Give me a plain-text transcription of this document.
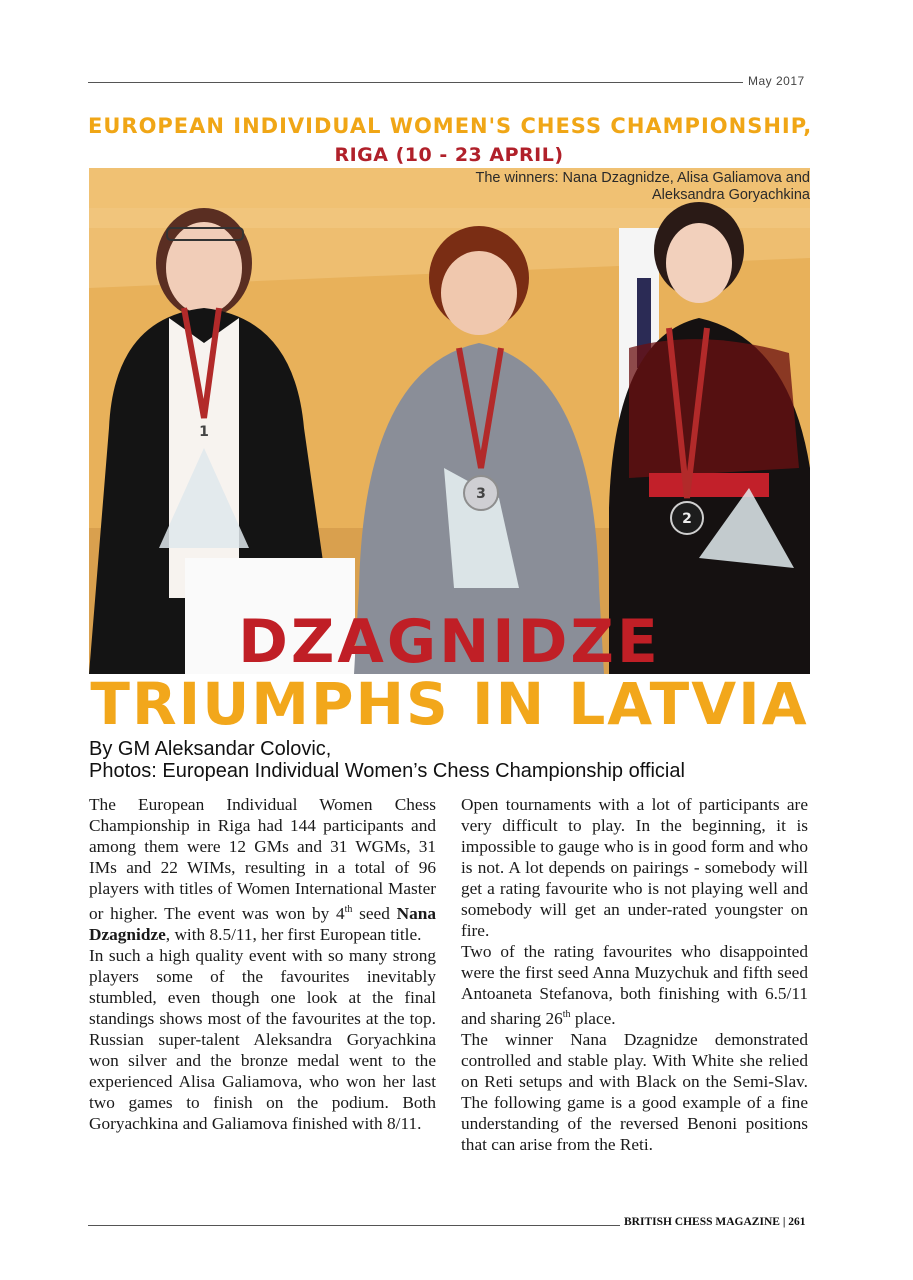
May 2017
EUROPEAN INDIVIDUAL WOMEN'S CHESS CHAMPIONSHIP,
RIGA (10 - 23 APRIL)
1
3
2
The winners: Nana Dzagnidze, Alisa Galiamova and
Aleksandra Goryachkina
DZAGNIDZE
TRIUMPHS IN LATVIA
By GM Aleksandar Colovic,
Photos: European Individual Women’s Chess Championship official

The European Individual Women Chess Championship in Riga had 144 participants and among them were 12 GMs and 31 WGMs, 31 IMs and 22 WIMs, resulting in a total of 96 players with titles of Women International Master or higher. The event was won by 4th seed Nana Dzagnidze, with 8.5/11, her first European title.

In such a high quality event with so many strong players some of the favourites inevitably stumbled, even though one look at the final standings shows most of the favourites at the top. Russian super-talent Aleksandra Goryachkina won silver and the bronze medal went to the experienced Alisa Galiamova, who won her last two games to finish on the podium. Both Goryachkina and Galiamova finished with 8/11.

Open tournaments with a lot of participants are very difficult to play. In the beginning, it is impossible to gauge who is in good form and who is not. A lot depends on pairings - somebody will get a rating favourite who is not playing well and somebody will get an under-rated youngster on fire.

Two of the rating favourites who disappointed were the first seed Anna Muzychuk and fifth seed Antoaneta Stefanova, both finishing with 6.5/11 and sharing 26th place.

The winner Nana Dzagnidze demonstrated controlled and stable play. With White she relied on Reti setups and with Black on the Semi-Slav. The following game is a good example of a fine understanding of the reversed Benoni positions that can arise from the Reti.

BRITISH CHESS MAGAZINE | 261
